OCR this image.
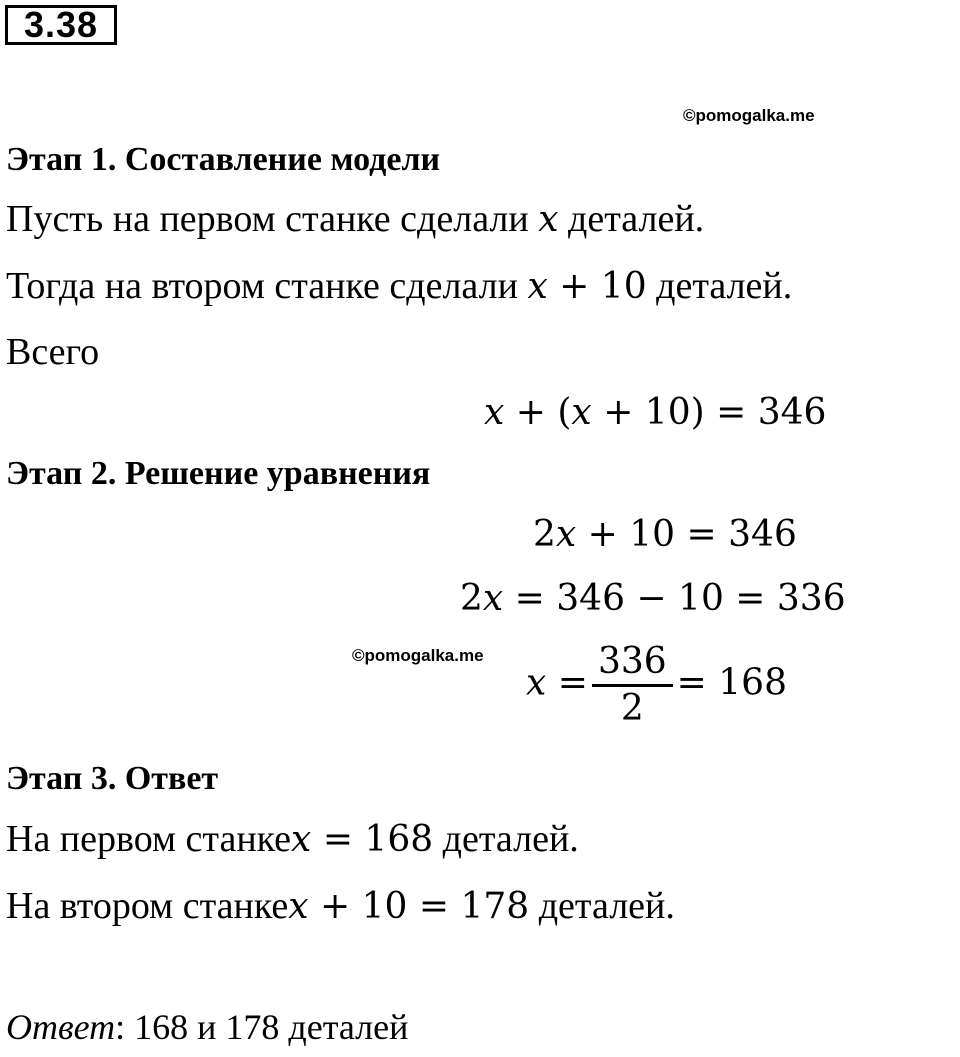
3.38
©pomogalka.me
Этап 1. Составление модели
Пусть на первом станке сделали x деталей.
Тогда на втором станке сделали x + 10 деталей.
Всего
x + (x + 10) = 346
Этап 2. Решение уравнения
2x + 10 = 346
2x = 346 − 10 = 336
©pomogalka.me
$x = \frac{336}{2} = 168$
Этап 3. Ответ
На первом станкеx = 168 деталей.
На втором станкеx + 10 = 178 деталей.
Ответ: 168 и 178 деталей
